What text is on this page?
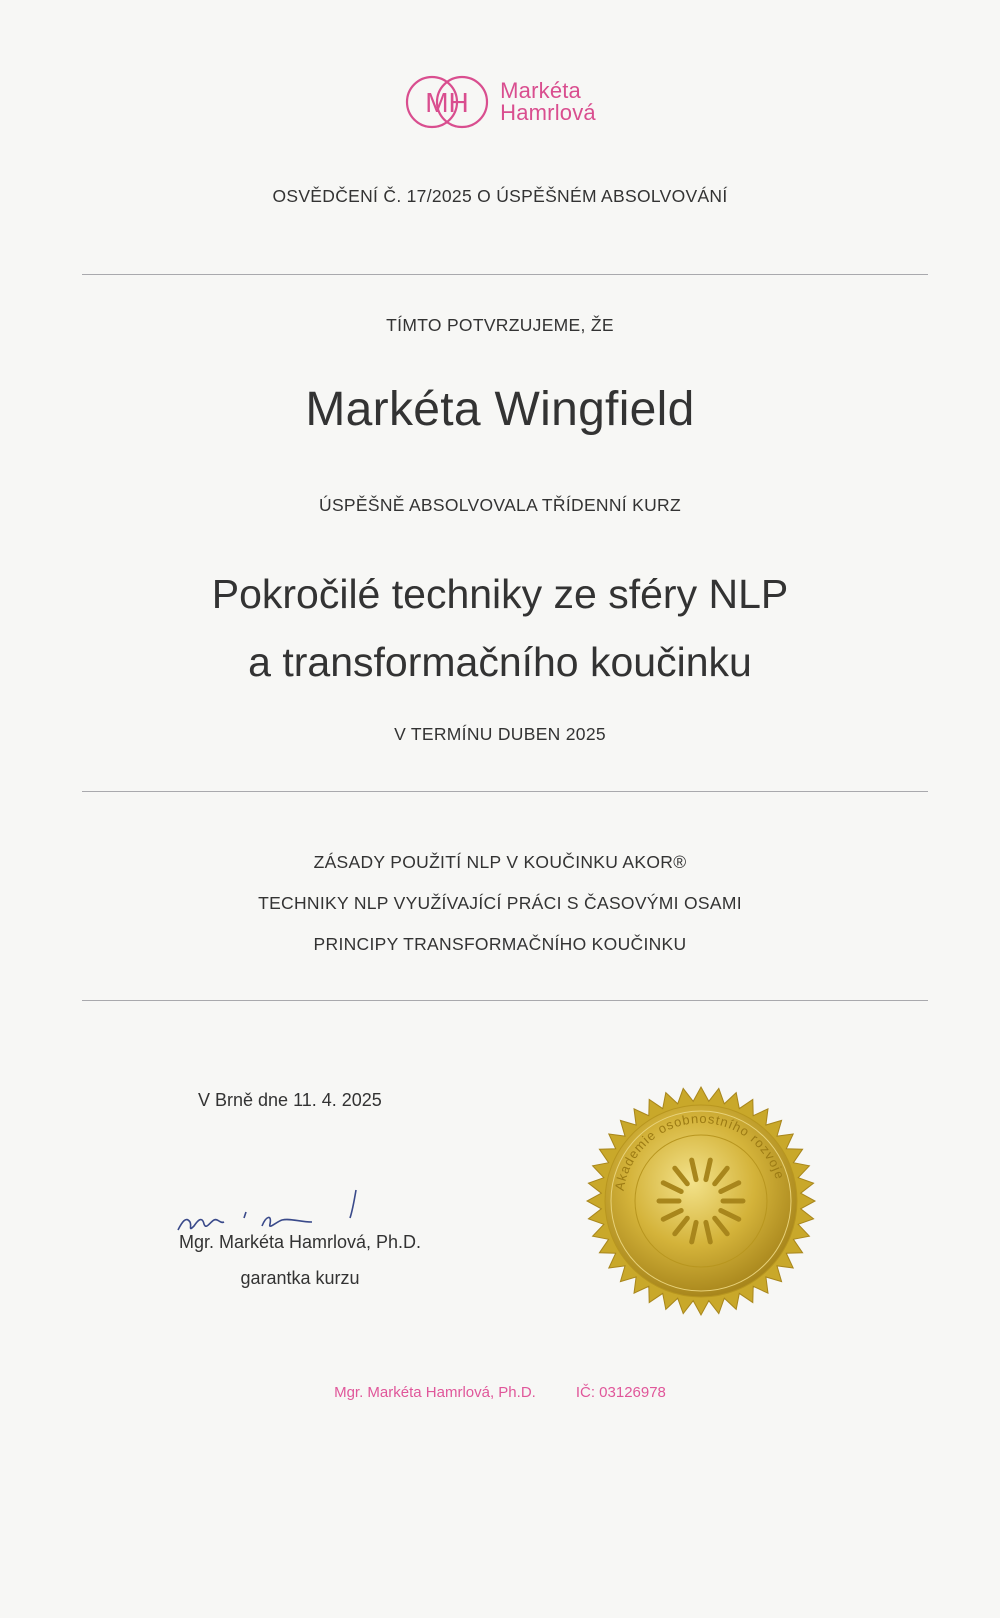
MH Markéta
Hamrlová
OSVĚDČENÍ Č. 17/2025 O ÚSPĚŠNÉM ABSOLVOVÁNÍ
TÍMTO POTVRZUJEME, ŽE
Markéta Wingfield
ÚSPĚŠNĚ ABSOLVOVALA TŘÍDENNÍ KURZ
Pokročilé techniky ze sféry NLP
a transformačního koučinku
V TERMÍNU DUBEN 2025
ZÁSADY POUŽITÍ NLP V KOUČINKU AKOR®
TECHNIKY NLP VYUŽÍVAJÍCÍ PRÁCI S ČASOVÝMI OSAMI
PRINCIPY TRANSFORMAČNÍHO KOUČINKU
V Brně dne 11. 4. 2025
Mgr. Markéta Hamrlová, Ph.D.
garantka kurzu
Akademie osobnostního rozvoje
Mgr. Markéta Hamrlová, Ph.D.	IČ: 03126978
